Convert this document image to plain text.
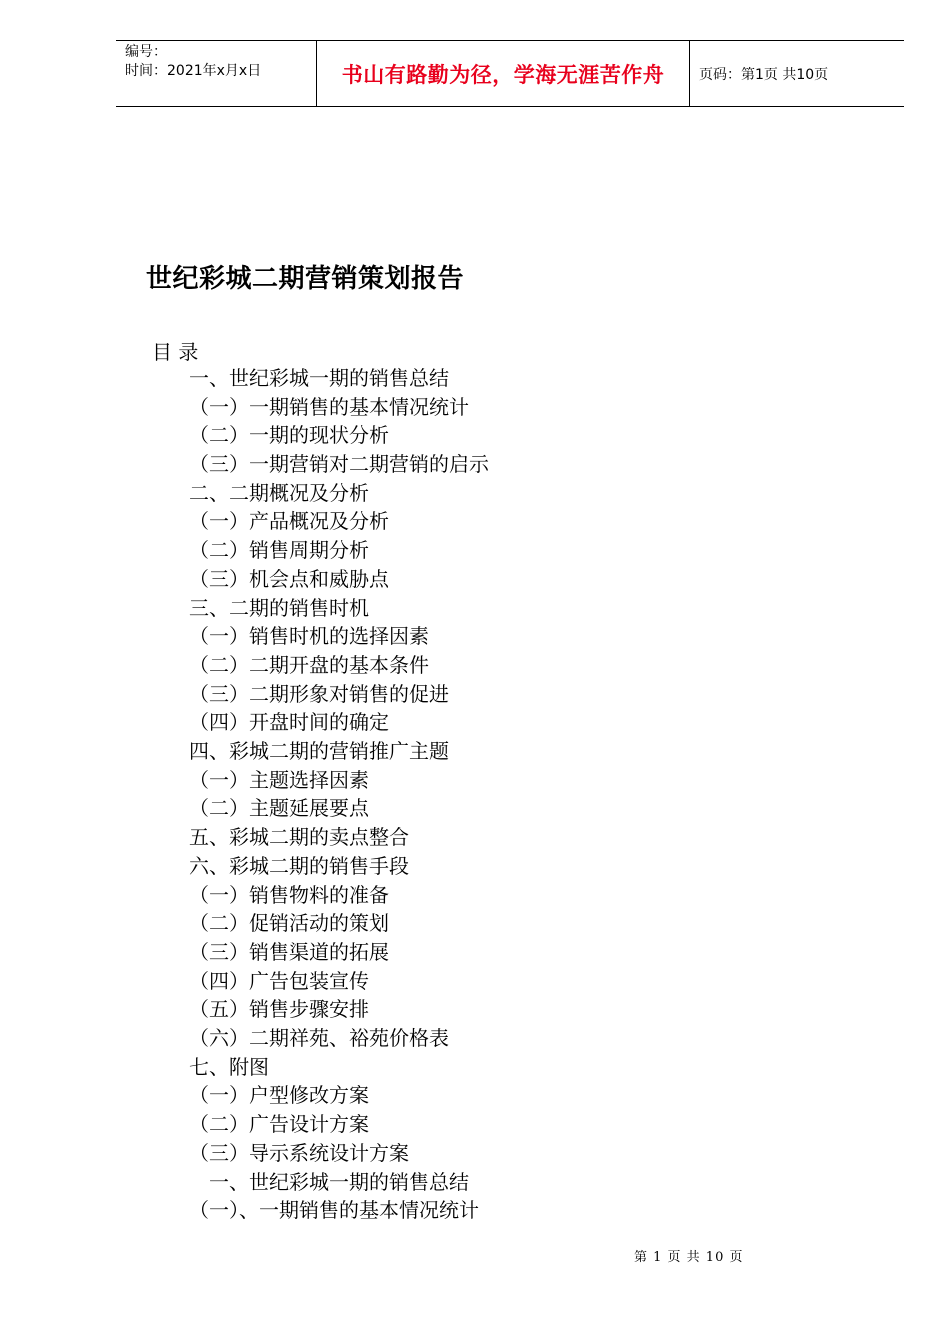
编号：
时间：2021年x月x日	书山有路勤为径，学海无涯苦作舟 页码：第1页 共10页
世纪彩城二期营销策划报告
目 录
一、世纪彩城一期的销售总结
（一）一期销售的基本情况统计
（二）一期的现状分析
（三）一期营销对二期营销的启示
二、二期概况及分析
（一）产品概况及分析
（二）销售周期分析
（三）机会点和威胁点
三、二期的销售时机
（一）销售时机的选择因素
（二）二期开盘的基本条件
（三）二期形象对销售的促进
（四）开盘时间的确定
四、彩城二期的营销推广主题
（一）主题选择因素
（二）主题延展要点
五、彩城二期的卖点整合
六、彩城二期的销售手段
（一）销售物料的准备
（二）促销活动的策划
（三）销售渠道的拓展
（四）广告包装宣传
（五）销售步骤安排
（六）二期祥苑、裕苑价格表
七、附图
（一）户型修改方案
（二）广告设计方案
（三）导示系统设计方案
一、世纪彩城一期的销售总结
（一）、一期销售的基本情况统计
第 1 页 共 10 页
